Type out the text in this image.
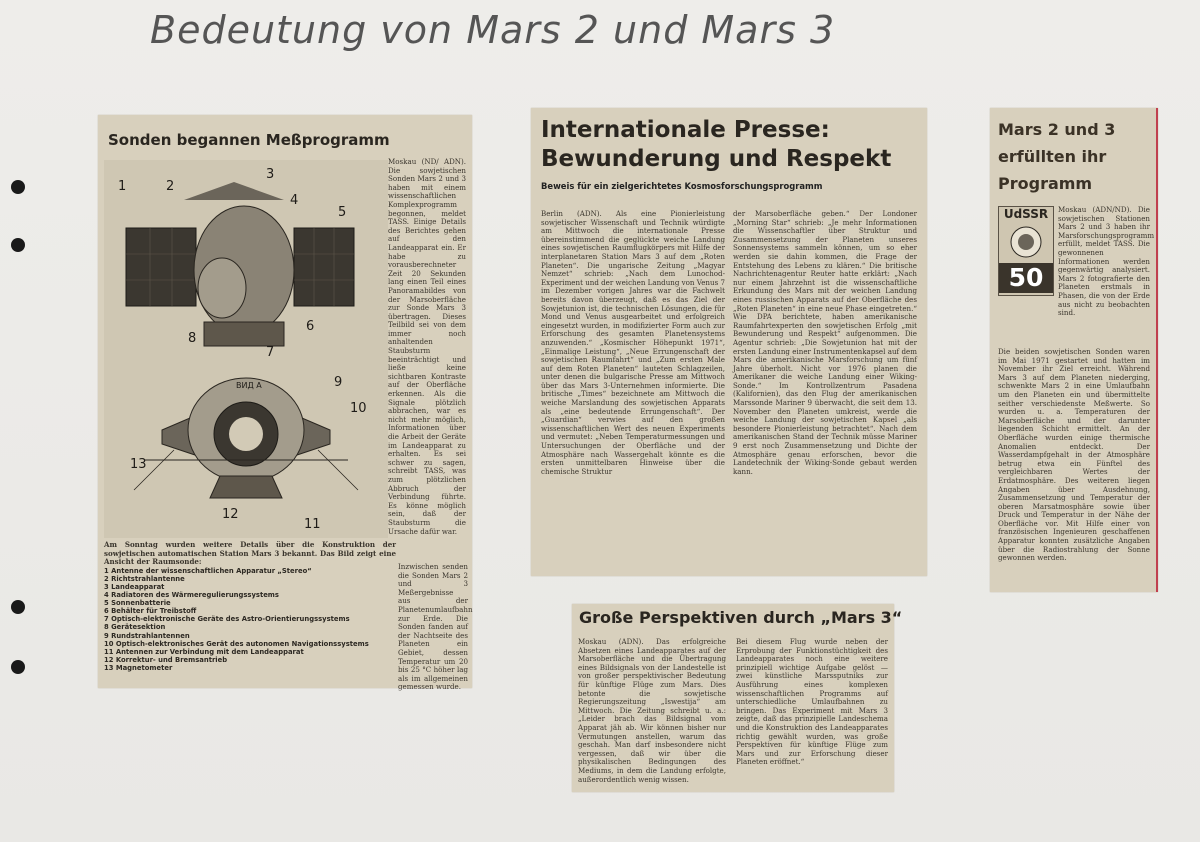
Bedeutung von Mars 2 und Mars 3
Sonden begannen Meßprogramm
1	2
3
4
5
6
7
8
9
10
11
12
13
ВИД А
Moskau (ND/ ADN). Die sowjetischen Sonden Mars 2 und 3 haben mit einem wissenschaftlichen Komplexprogramm begonnen, meldet TASS. Einige Details des Berichtes gehen auf den Landeapparat ein. Er habe zu vorausberechneter Zeit 20 Sekunden lang einen Teil eines Panoramabildes von der Marsoberfläche zur Sonde Mars 3 übertragen. Dieses Teilbild sei von dem immer noch anhaltenden Staubsturm beeinträchtigt und ließe keine sichtbaren Kontraste auf der Oberfläche erkennen. Als die Signale plötzlich abbrachen, war es nicht mehr möglich, Informationen über die Arbeit der Geräte im Landeapparat zu erhalten. Es sei schwer zu sagen, schreibt TASS, was zum plötzlichen Abbruch der Verbindung führte. Es könne möglich sein, daß der Staubsturm die Ursache dafür war.
Am Sonntag wurden weitere Details über die Konstruktion der sowjetischen automatischen Station Mars 3 bekannt. Das Bild zeigt eine Ansicht der Raumsonde:
1 Antenne der wissenschaftlichen Apparatur „Stereo“
2 Richtstrahlantenne
3 Landeapparat
4 Radiatoren des Wärmeregulierungssystems
5 Sonnenbatterie
6 Behälter für Treibstoff
7 Optisch-elektronische Geräte des Astro-Orientierungssystems
8 Gerätesektion
9 Rundstrahlantennen
10 Optisch-elektronisches Gerät des autonomen Navigationssystems
11 Antennen zur Verbindung mit dem Landeapparat
12 Korrektur- und Bremsantrieb
13 Magnetometer
Inzwischen senden die Sonden Mars 2 und 3 Meßergebnisse aus der Planetenumlaufbahn zur Erde. Die Sonden fanden auf der Nachtseite des Planeten ein Gebiet, dessen Temperatur um 20 bis 25 °C höher lag als im allgemeinen gemessen wurde.
Internationale Presse: Bewunderung und Respekt
Beweis für ein zielgerichtetes Kosmosforschungsprogramm
Berlin (ADN). Als eine Pionierleistung sowjetischer Wissenschaft und Technik würdigte am Mittwoch die internationale Presse übereinstimmend die geglückte weiche Landung eines sowjetischen Raumflugkörpers mit Hilfe der interplanetaren Station Mars 3 auf dem „Roten Planeten“. Die ungarische Zeitung „Magyar Nemzet“ schrieb: „Nach dem Lunochod-Experiment und der weichen Landung von Venus 7 im Dezember vorigen Jahres war die Fachwelt bereits davon überzeugt, daß es das Ziel der Sowjetunion ist, die technischen Lösungen, die für Mond und Venus ausgearbeitet und erfolgreich eingesetzt wurden, in modifizierter Form auch zur Erforschung des gesamten Planetensystems anzuwenden.“ „Kosmischer Höhepunkt 1971“, „Einmalige Leistung“, „Neue Errungenschaft der sowjetischen Raumfahrt“ und „Zum ersten Male auf dem Roten Planeten“ lauteten Schlagzeilen, unter denen die bulgarische Presse am Mittwoch über das Mars 3-Unternehmen informierte. Die britische „Times“ bezeichnete am Mittwoch die weiche Marslandung des sowjetischen Apparats als „eine bedeutende Errungenschaft“. Der „Guardian“ verwies auf den großen wissenschaftlichen Wert des neuen Experiments und vermutet: „Neben Temperaturmessungen und Untersuchungen der Oberfläche und der Atmosphäre nach Wassergehalt könnte es die ersten unmittelbaren Hinweise über die chemische Struktur
der Marsoberfläche geben.“ Der Londoner „Morning Star“ schrieb: „Je mehr Informationen die Wissenschaftler über Struktur und Zusammensetzung der Planeten unseres Sonnensystems sammeln können, um so eher werden sie dahin kommen, die Frage der Entstehung des Lebens zu klären.“ Die britische Nachrichtenagentur Reuter hatte erklärt: „Nach nur einem Jahrzehnt ist die wissenschaftliche Erkundung des Mars mit der weichen Landung eines russischen Apparats auf der Oberfläche des „Roten Planeten“ in eine neue Phase eingetreten.“ Wie DPA berichtete, haben amerikanische Raumfahrtexperten den sowjetischen Erfolg „mit Bewunderung und Respekt“ aufgenommen. Die Agentur schrieb: „Die Sowjetunion hat mit der ersten Landung einer Instrumentenkapsel auf dem Mars die amerikanische Marsforschung um fünf Jahre überholt. Nicht vor 1976 planen die Amerikaner die weiche Landung einer Wiking-Sonde.“ Im Kontrollzentrum Pasadena (Kalifornien), das den Flug der amerikanischen Marssonde Mariner 9 überwacht, die seit dem 13. November den Planeten umkreist, werde die weiche Landung der sowjetischen Kapsel „als besondere Pionierleistung betrachtet“. Nach dem amerikanischen Stand der Technik müsse Mariner 9 erst noch Zusammensetzung und Dichte der Atmosphäre genau erforschen, bevor die Landetechnik der Wiking-Sonde gebaut werden kann.
Große Perspektiven durch „Mars 3“
Moskau (ADN). Das erfolgreiche Absetzen eines Landeapparates auf der Marsoberfläche und die Übertragung eines Bildsignals von der Landestelle ist von großer perspektivischer Bedeutung für künftige Flüge zum Mars. Dies betonte die sowjetische Regierungszeitung „Iswestija“ am Mittwoch. Die Zeitung schreibt u. a.: „Leider brach das Bildsignal vom Apparat jäh ab. Wir können bisher nur Vermutungen anstellen, warum das geschah. Man darf insbesondere nicht vergessen, daß wir über die physikalischen Bedingungen des Mediums, in dem die Landung erfolgte, außerordentlich wenig wissen.
Bei diesem Flug wurde neben der Erprobung der Funktionstüchtigkeit des Landeapparates noch eine weitere prinzipiell wichtige Aufgabe gelöst — zwei künstliche Marssputniks zur Ausführung eines komplexen wissenschaftlichen Programms auf unterschiedliche Umlaufbahnen zu bringen. Das Experiment mit Mars 3 zeigte, daß das prinzipielle Landeschema und die Konstruktion des Landeapparates richtig gewählt wurden, was große Perspektiven für künftige Flüge zum Mars und zur Erforschung dieser Planeten eröffnet.“
Mars 2 und 3 erfüllten ihr Programm
UdSSR
50
Moskau (ADN/ND). Die sowjetischen Stationen Mars 2 und 3 haben ihr Marsforschungsprogramm erfüllt, meldet TASS. Die gewonnenen Informationen werden gegenwärtig analysiert. Mars 2 fotografierte den Planeten erstmals in Phasen, die von der Erde aus nicht zu beobachten sind.
Die beiden sowjetischen Sonden waren im Mai 1971 gestartet und hatten im November ihr Ziel erreicht. Während Mars 3 auf dem Planeten niederging, schwenkte Mars 2 in eine Umlaufbahn um den Planeten ein und übermittelte seither verschiedenste Meßwerte. So wurden u. a. Temperaturen der Marsoberfläche und der darunter liegenden Schicht ermittelt. An der Oberfläche wurden einige thermische Anomalien entdeckt. Der Wasserdampfgehalt in der Atmosphäre betrug etwa ein Fünftel des vergleichbaren Wertes der Erdatmosphäre. Des weiteren liegen Angaben über Ausdehnung, Zusammensetzung und Temperatur der oberen Marsatmosphäre sowie über Druck und Temperatur in der Nähe der Oberfläche vor. Mit Hilfe einer von französischen Ingenieuren geschaffenen Apparatur konnten zusätzliche Angaben über die Radiostrahlung der Sonne gewonnen werden.
